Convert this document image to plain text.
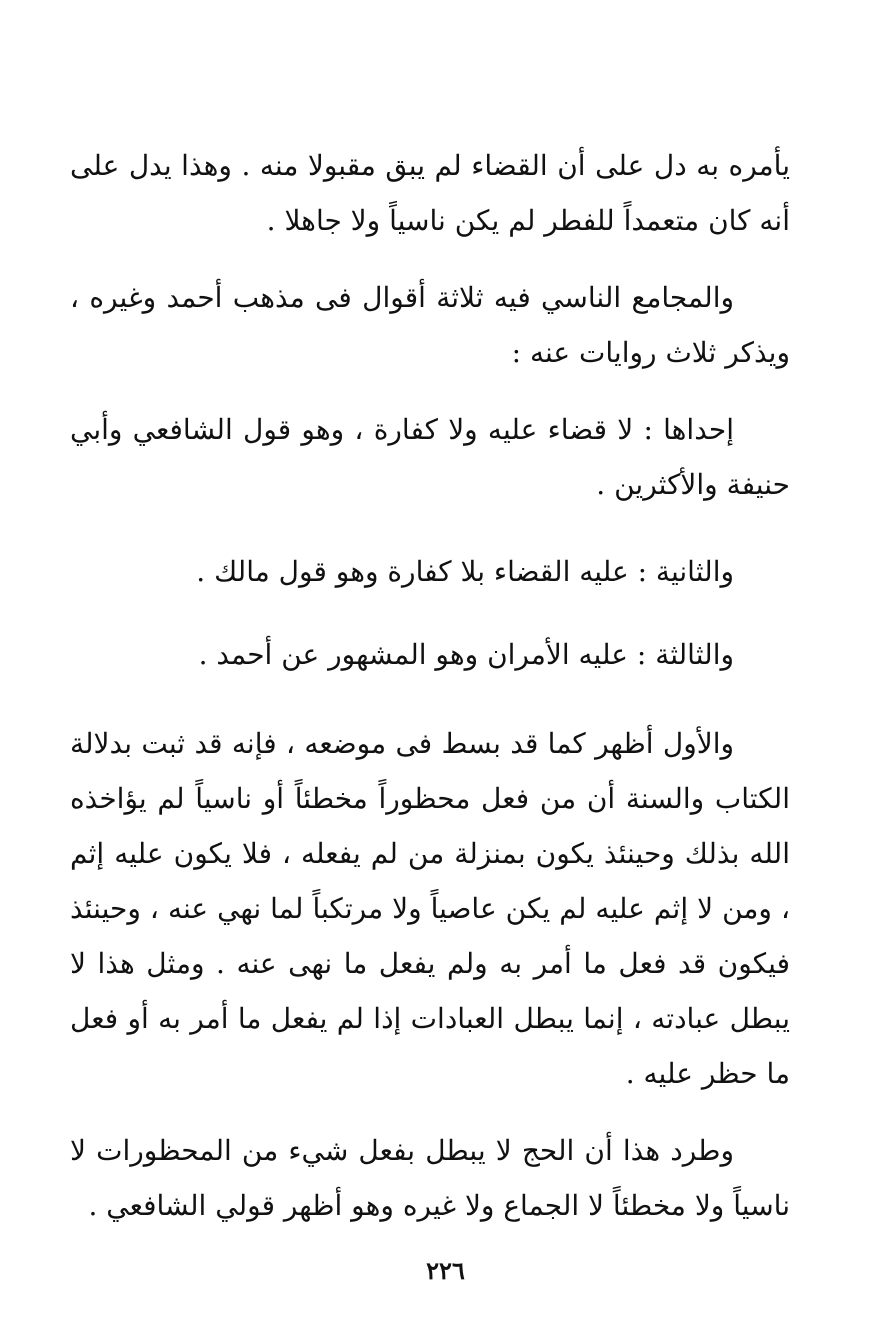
يأمره به دل على أن القضاء لم يبق مقبولا منه . وهذا يدل على أنه كان متعمداً للفطر لم يكن ناسياً ولا جاهلا .

والمجامع الناسي فيه ثلاثة أقوال فى مذهب أحمد وغيره ، ويذكر ثلاث روايات عنه :

إحداها : لا قضاء عليه ولا كفارة ، وهو قول الشافعي وأبي حنيفة والأكثرين .

والثانية : عليه القضاء بلا كفارة وهو قول مالك .

والثالثة : عليه الأمران وهو المشهور عن أحمد .

والأول أظهر كما قد بسط فى موضعه ، فإنه قد ثبت بدلالة الكتاب والسنة أن من فعل محظوراً مخطئاً أو ناسياً لم يؤاخذه الله بذلك وحينئذ يكون بمنزلة من لم يفعله ، فلا يكون عليه إثم ، ومن لا إثم عليه لم يكن عاصياً ولا مرتكباً لما نهي عنه ، وحينئذ فيكون قد فعل ما أمر به ولم يفعل ما نهى عنه . ومثل هذا لا يبطل عبادته ، إنما يبطل العبادات إذا لم يفعل ما أمر به أو فعل ما حظر عليه .

وطرد هذا أن الحج لا يبطل بفعل شيء من المحظورات لا ناسياً ولا مخطئاً لا الجماع ولا غيره وهو أظهر قولي الشافعي .

٢٢٦
